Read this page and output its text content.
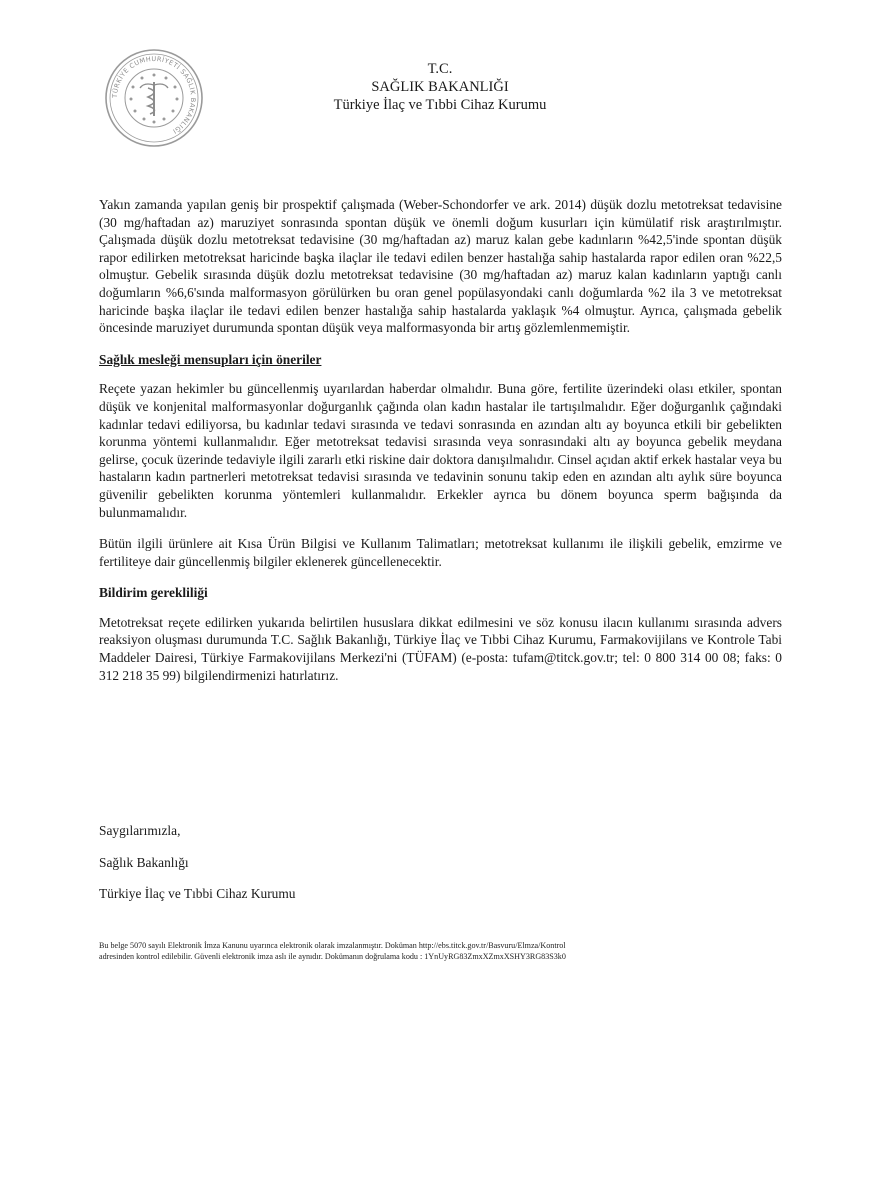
TÜRKİYE CUMHURİYETİ SAĞLIK BAKANLIĞI
T.C.
SAĞLIK BAKANLIĞI
Türkiye İlaç ve Tıbbi Cihaz Kurumu

Yakın zamanda yapılan geniş bir prospektif çalışmada (Weber-Schondorfer ve ark. 2014) düşük dozlu metotreksat tedavisine (30 mg/haftadan az) maruziyet sonrasında spontan düşük ve önemli doğum kusurları için kümülatif risk araştırılmıştır. Çalışmada düşük dozlu metotreksat tedavisine (30 mg/haftadan az) maruz kalan gebe kadınların %42,5'inde spontan düşük rapor edilirken metotreksat haricinde başka ilaçlar ile tedavi edilen benzer hastalığa sahip hastalarda rapor edilen oran %22,5 olmuştur. Gebelik sırasında düşük dozlu metotreksat tedavisine (30 mg/haftadan az) maruz kalan kadınların yaptığı canlı doğumların %6,6'sında malformasyon görülürken bu oran genel popülasyondaki canlı doğumlarda %2 ila 3 ve metotreksat haricinde başka ilaçlar ile tedavi edilen benzer hastalığa sahip hastalarda yaklaşık %4 olmuştur. Ayrıca, çalışmada gebelik öncesinde maruziyet durumunda spontan düşük veya malformasyonda bir artış gözlemlenmemiştir.

Sağlık mesleği mensupları için öneriler

Reçete yazan hekimler bu güncellenmiş uyarılardan haberdar olmalıdır. Buna göre, fertilite üzerindeki olası etkiler, spontan düşük ve konjenital malformasyonlar doğurganlık çağında olan kadın hastalar ile tartışılmalıdır. Eğer doğurganlık çağındaki kadınlar tedavi ediliyorsa, bu kadınlar tedavi sırasında ve tedavi sonrasında en azından altı ay boyunca etkili bir gebelikten korunma yöntemi kullanmalıdır. Eğer metotreksat tedavisi sırasında veya sonrasındaki altı ay boyunca gebelik meydana gelirse, çocuk üzerinde tedaviyle ilgili zararlı etki riskine dair doktora danışılmalıdır. Cinsel açıdan aktif erkek hastalar veya bu hastaların kadın partnerleri metotreksat tedavisi sırasında ve tedavinin sonunu takip eden en azından altı aylık süre boyunca güvenilir gebelikten korunma yöntemleri kullanmalıdır. Erkekler ayrıca bu dönem boyunca sperm bağışında da bulunmamalıdır.

Bütün ilgili ürünlere ait Kısa Ürün Bilgisi ve Kullanım Talimatları; metotreksat kullanımı ile ilişkili gebelik, emzirme ve fertiliteye dair güncellenmiş bilgiler eklenerek güncellenecektir.

Bildirim gerekliliği

Metotreksat reçete edilirken yukarıda belirtilen hususlara dikkat edilmesini ve söz konusu ilacın kullanımı sırasında advers reaksiyon oluşması durumunda T.C. Sağlık Bakanlığı, Türkiye İlaç ve Tıbbi Cihaz Kurumu, Farmakovijilans ve Kontrole Tabi Maddeler Dairesi, Türkiye Farmakovijilans Merkezi'ni (TÜFAM) (e-posta: tufam@titck.gov.tr; tel: 0 800 314 00 08; faks: 0 312 218 35 99) bilgilendirmenizi hatırlatırız.

Saygılarımızla,
Sağlık Bakanlığı
Türkiye İlaç ve Tıbbi Cihaz Kurumu
Bu belge 5070 sayılı Elektronik İmza Kanunu uyarınca elektronik olarak imzalanmıştır. Doküman http://ebs.titck.gov.tr/Basvuru/Elmza/Kontrol
adresinden kontrol edilebilir. Güvenli elektronik imza aslı ile aynıdır. Dokümanın doğrulama kodu : 1YnUyRG83ZmxXZmxXSHY3RG83S3k0
